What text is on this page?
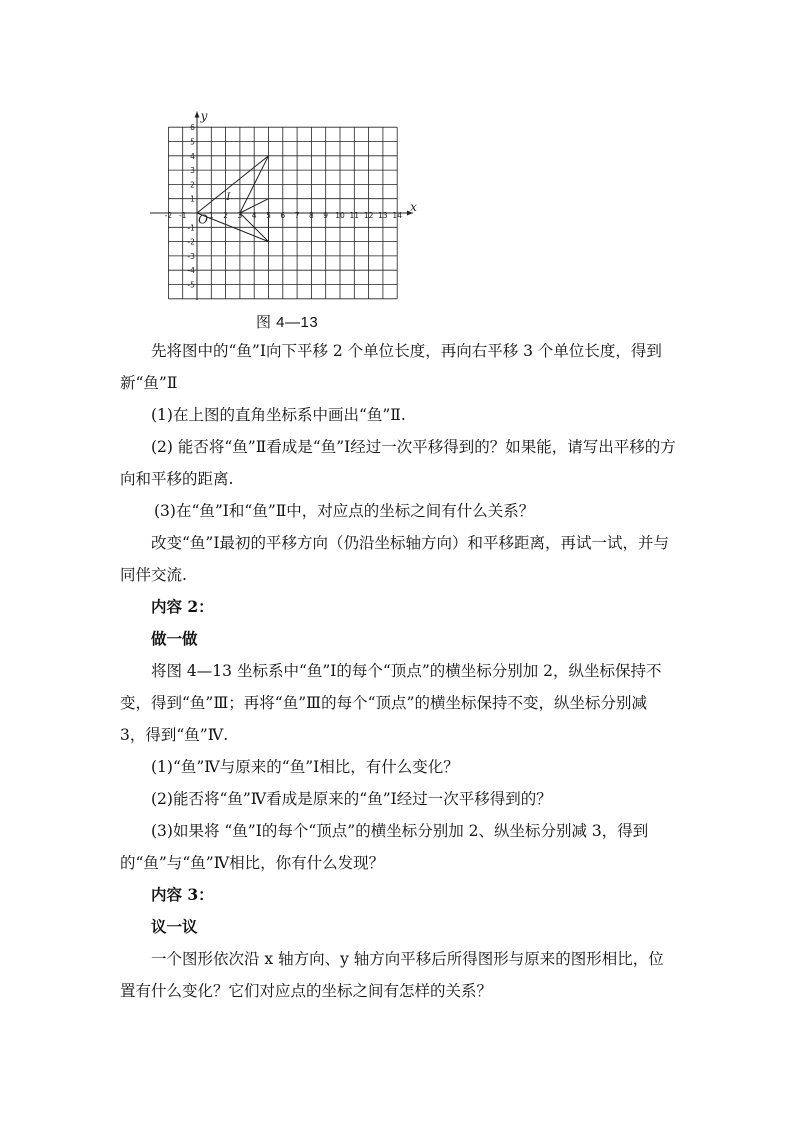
x
y
O
-2 -1	1 2 3 4 5 6 7 8 9 10 11 12 13 14
6
5
4
3
2
1
-1
-2
-3
-4
-5
I
图 4—13

先将图中的“鱼”Ⅰ向下平移 2 个单位长度，再向右平移 3 个单位长度，得到新“鱼”Ⅱ

(1)在上图的直角坐标系中画出“鱼”Ⅱ.

(2) 能否将“鱼”Ⅱ看成是“鱼”Ⅰ经过一次平移得到的？如果能，请写出平移的方向和平移的距离.

(3)在“鱼”Ⅰ和“鱼”Ⅱ中，对应点的坐标之间有什么关系？

改变“鱼”Ⅰ最初的平移方向（仍沿坐标轴方向）和平移距离，再试一试，并与同伴交流.

内容 2：

做一做

将图 4—13 坐标系中“鱼”Ⅰ的每个“顶点”的横坐标分别加 2，纵坐标保持不变，得到“鱼”Ⅲ；再将“鱼”Ⅲ的每个“顶点”的横坐标保持不变，纵坐标分别减 3，得到“鱼”Ⅳ.

(1)“鱼”Ⅳ与原来的“鱼”Ⅰ相比，有什么变化？

(2)能否将“鱼”Ⅳ看成是原来的“鱼”Ⅰ经过一次平移得到的？

(3)如果将 “鱼”Ⅰ的每个“顶点”的横坐标分别加 2、纵坐标分别减 3，得到的“鱼”与“鱼”Ⅳ相比，你有什么发现？

内容 3：

议一议

一个图形依次沿 x 轴方向、y 轴方向平移后所得图形与原来的图形相比，位置有什么变化？它们对应点的坐标之间有怎样的关系？
